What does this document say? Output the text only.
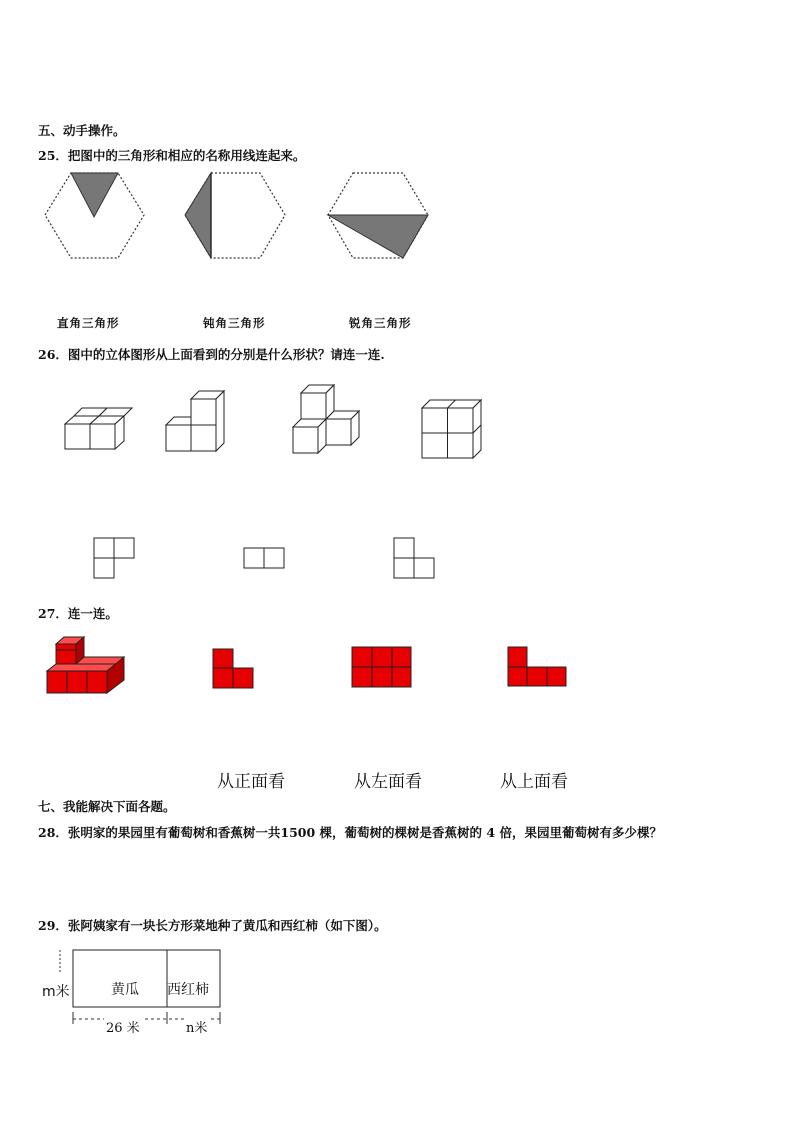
五、动手操作。
25．把图中的三角形和相应的名称用线连起来。
直角三角形	钝角三角形	锐角三角形
26．图中的立体图形从上面看到的分别是什么形状？请连一连.
27．连一连。
从正面看	从左面看	从上面看
七、我能解决下面各题。
28．张明家的果园里有葡萄树和香蕉树一共1500 棵，葡萄树的棵树是香蕉树的 4 倍，果园里葡萄树有多少棵？
29．张阿姨家有一块长方形菜地种了黄瓜和西红柿（如下图）。
m米	黄瓜 西红柿
26 米	n米
